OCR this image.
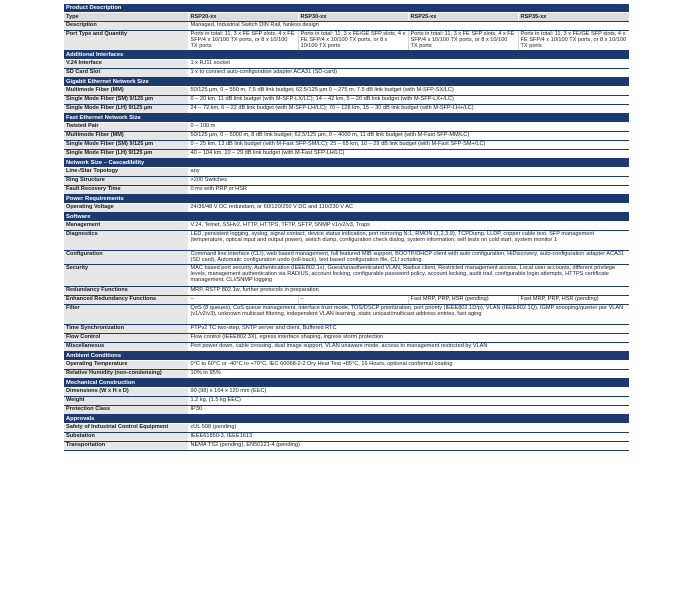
Product Description				
Type	RSP20-xx	RSP30-xx	RSP25-xx	RSP35-xx
Description	Managed, Industrial Switch DIN Rail, fanless design			
Port Type and Quantity	Ports in total: 11, 3 x FE SFP slots, 4 x FE SFP/4 x 10/100 TX ports, or 8 x 10/100 TX ports	Ports in total: 11, 3 x FE/GE SFP slots, 4 x FE SFP/4 x 10/100 TX ports, or 8 x 10/100 TX ports	Ports in total: 11, 3 x FE SFP slots, 4 x FE SFP/4 x 10/100 TX ports, or 8 x 10/100 TX ports	Ports in total: 11, 3 x FE/GE SFP slots, 4 x FE SFP/4 x 10/100 TX ports, or 8 x 10/100 TX ports
Additional Interfaces				
V.24 Interface	1 x RJ11 socket			
SD Card Slot	1 x to connect auto-configuration adapter ACA31 (SD-card)			
Gigabit Ethernet Network Size				
Multimode Fiber (MM)	50/125 µm, 0 – 550 m, 7.5 dB link budget; 62.5/125 µm 0 – 275 m, 7.5 dB link budget (with M-SFP-SX/LC)			
Single Mode Fiber (SM) 9/125 µm	0 – 20 km, 11 dB link budget (with M-SFP-LX/LC); 14 – 42 km, 5 – 20 dB link budget (with M-SFP-LX+/LC)			
Single Mode Fiber (LH) 9/125 µm	24 – 72 km, 6 – 22 dB link budget (with M-SFP-LH/LC); 70 – 128 km, 15 – 30 dB link budget (with M-SFP-LH+/LC)			
Fast Ethernet Network Size				
Twisted Pair	0 – 100 m			
Multimode Fiber (MM)	50/125 µm, 0 – 5000 m, 8 dB link budget; 62.5/125 µm, 0 – 4000 m, 11 dB link budget (with M-Fast SFP-MM/LC)			
Single Mode Fiber (SM) 9/125 µm	0 – 25 km, 13 dB link budget (with M-Fast SFP-SM/LC); 25 – 65 km, 10 – 29 dB link budget (with M-Fast SFP-SM+/LC)			
Single Mode Fiber (LH) 9/125 µm	40 – 104 km, 10 – 29 dB link budget (with M-Fast SFP-LH/LC)			
Network Size – Cascadibility				
Line-/Star Topology	any			
Ring Structure	>200 Switches			
Fault Recovery Time	0 ms with PRP or HSR			
Power Requirements				
Operating Voltage	24/36/48 V DC redundant, or 60/120/250 V DC and 110/230 V AC			
Software				
Management	V.24, Telnet, SSHv2, HTTP, HTTPS, TFTP, SFTP, SNMP v1/v2/v3, Traps			
Diagnostics	LED, persistent logging, syslog, signal contact, device status indication, port mirroring N:1, RMON (1,2,3,9), TCPDump, LLDP, copper cable test, SFP management (temperature, optical input and output power), switch dump, configuration check dialog, system information, self tests on cold start, system monitor 1			
Configuration	Command line interface (CLI), web based management, full featured MIB support, BOOTP/DHCP client with auto configuration, HiDiscovery, auto-configuration adapter ACA31 (SD card), Automatic configuration undo (roll-back), text based configuration file, CLI scripting			
Security	MAC based port security, Authentication (IEEE802.1x), Guest/unauthenticated VLAN, Radius client, Restricted management access, Local user accounts, different privilege levels, management authentication via RADIUS, account locking, configurable password policy, account locking, audit trail, configurable login attempts, HTTPS certificate management, CLI/SNMP logging			
Redundancy Functions	MRP, RSTP 802.1w, further protocols in preparation			
Enhanced Redundancy Functions	–	–	Fast MRP, PRP, HSR (pending)	Fast MRP, PRP, HSR (pending)
Filter	QoS (8 queues), CoS queue management, interface trust mode, TOS/DSCP prioritization, port priority (IEEE802.1D/p), VLAN (IEEE802.1Q), IGMP snooping/querier per VLAN (v1/v2/v3), unknown multicast filtering, independent VLAN learning, static unicast/multicast address entries, fast aging			
Time Synchronization	PTPv2 TC two-step, SNTP server and client, Buffered RTC			
Flow Control	Flow control (IEEE802.3X), egress interface shaping, ingress storm protection			
Miscellaneous	Port power down, cable crossing, dual image support, VLAN unaware mode, access to management restricted by VLAN			
Ambient Conditions				
Operating Temperature	0°C to 60°C or -40°C to +70°C, IEC 60068-2-2 Dry Heat Test +85°C, 16 Hours, optional conformal coating			
Relative Humidity (non-condensing)	10% to 95%			
Mechanical Construction				
Dimensions (W x H x D)	90 (98) x 164 x 120 mm (EEC)			
Weight	1.2 kg, (1.5 kg EEC)			
Protection Class	IP30			
Approvals				
Safety of Industrial Control Equipment	cUL 508 (pending)			
Substation	IEEE61850-3, IEEE1613			
Transportation	NEMA TS2 (pending), EN50121-4 (pending)			
